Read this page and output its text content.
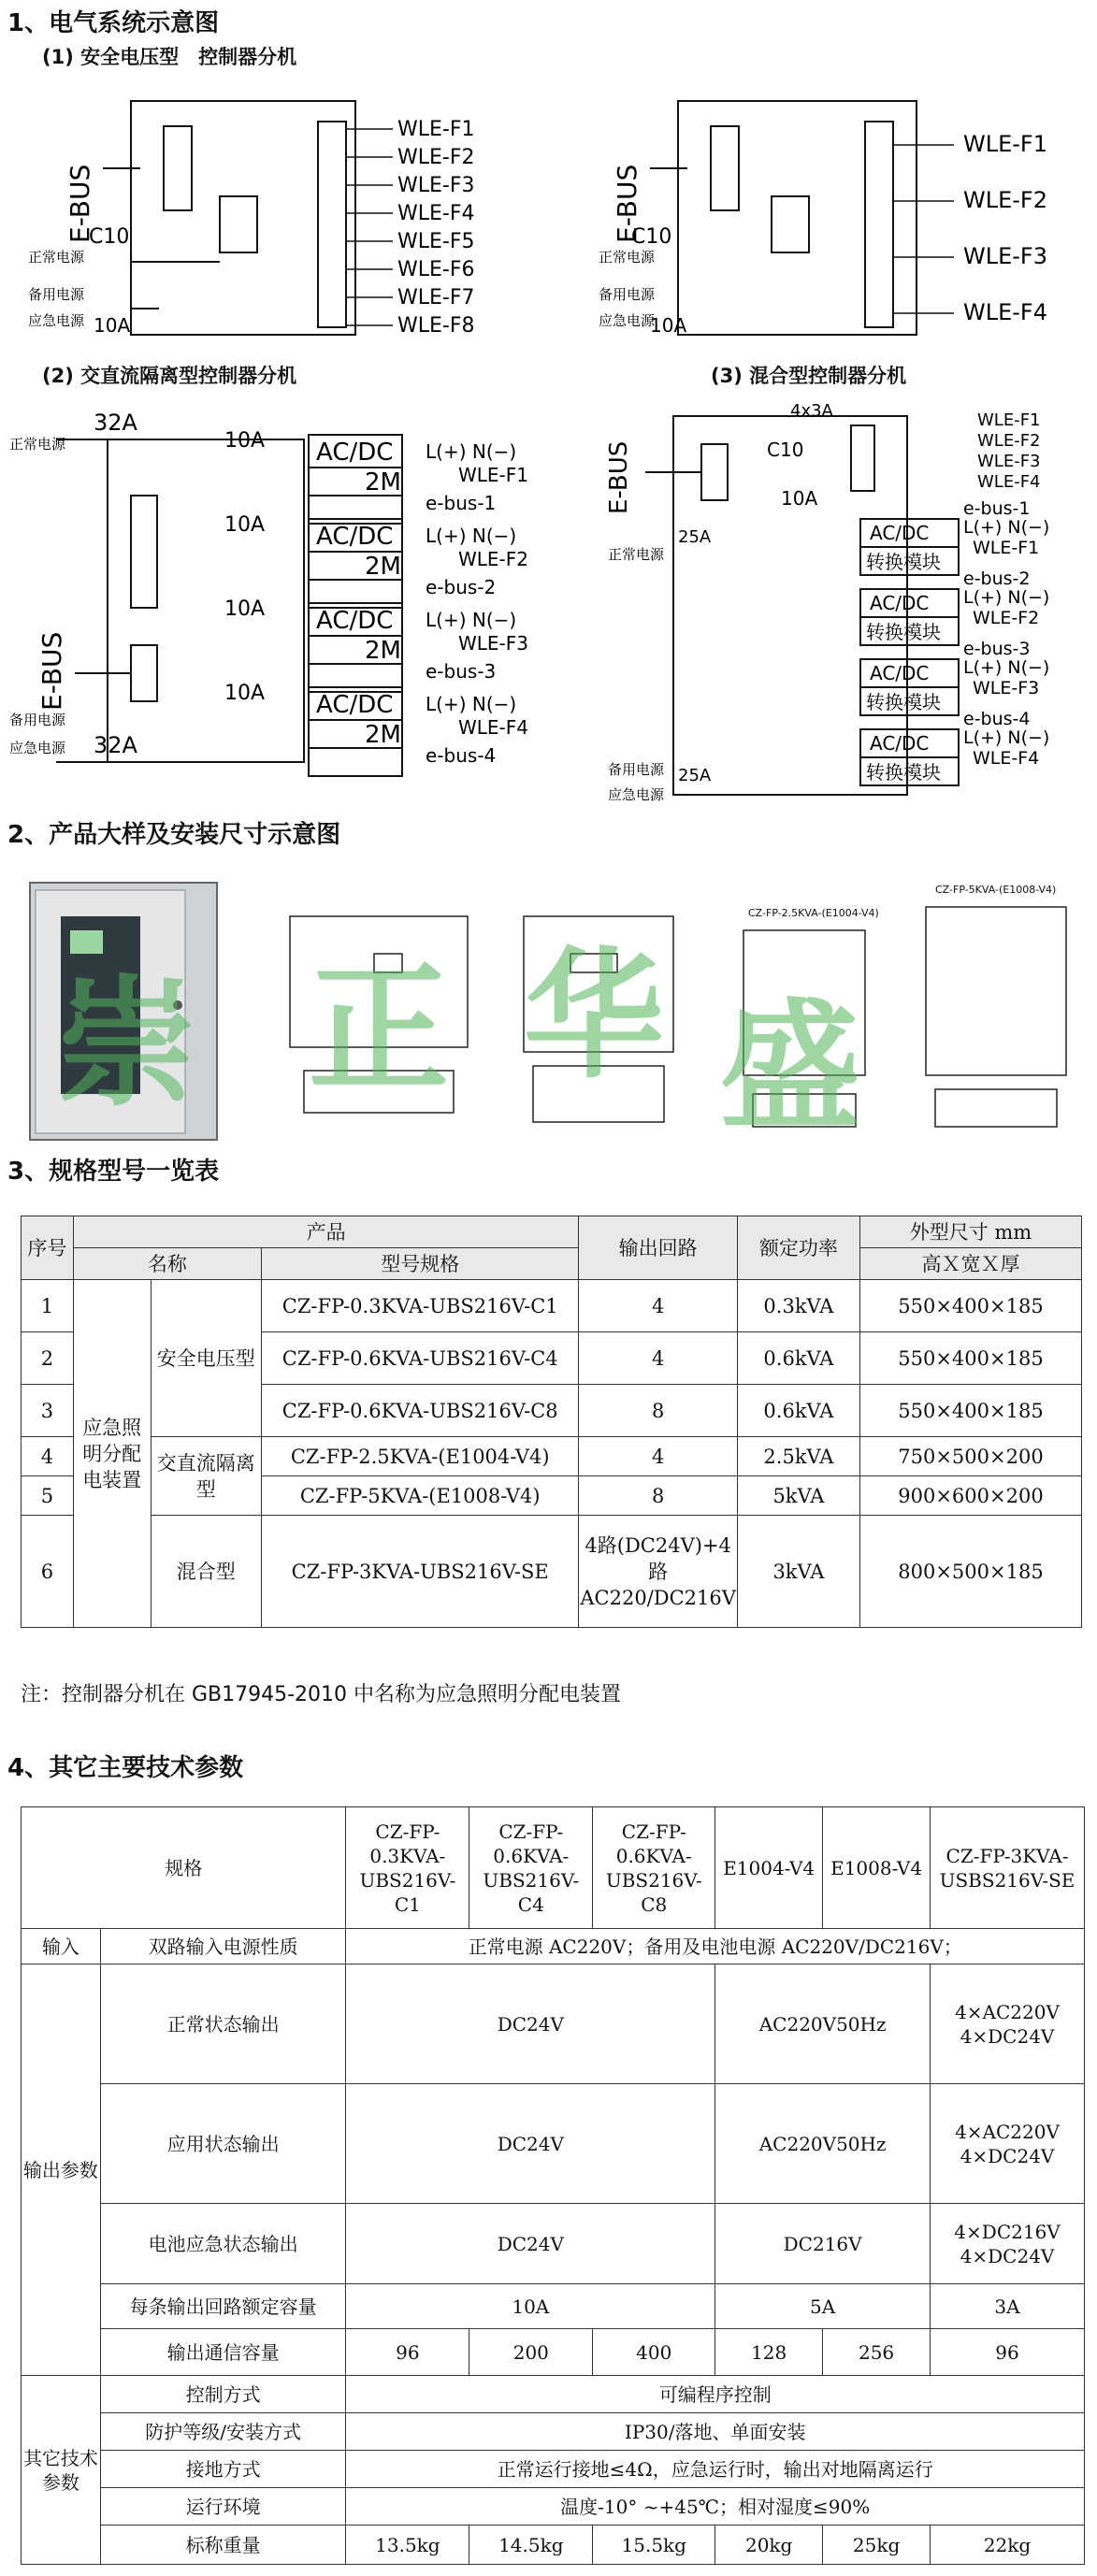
1、电气系统示意图
(1) 安全电压型　控制器分机
E-BUS
C10
正常电源
备用电源
应急电源 10A
WLE-F1
WLE-F2
WLE-F3
WLE-F4
WLE-F5
WLE-F6
WLE-F7
WLE-F8
E-BUS
C10
正常电源
备用电源
应急电源
10A
WLE-F1
WLE-F2
WLE-F3
WLE-F4
(2) 交直流隔离型控制器分机	(3) 混合型控制器分机
32A
32A
正常电源
备用电源
应急电源
E-BUS
10A
10A
10A
10A
AC/DC
AC/DC
AC/DC
AC/DC
2M
2M
2M
2M
L(+) N(−)
WLE-F1
L(+) N(−)
WLE-F2
L(+) N(−)
WLE-F3
L(+) N(−)
WLE-F4
e-bus-1
e-bus-2
e-bus-3
e-bus-4
4x3A
C10
10A
E-BUS
25A
25A
正常电源
备用电源
应急电源
WLE-F1
WLE-F2
WLE-F3
WLE-F4
AC/DC
AC/DC
AC/DC
AC/DC
转换模块
转换模块
转换模块
转换模块
L(+) N(−)
WLE-F1
L(+) N(−)
WLE-F2
L(+) N(−)
WLE-F3
L(+) N(−)
WLE-F4
e-bus-1
e-bus-2
e-bus-3
e-bus-4
2、产品大样及安装尺寸示意图
CZ-FP-2.5KVA-(E1004-V4)
CZ-FP-5KVA-(E1008-V4)
崇 正 华 盛
3、规格型号一览表
序号	产品			输出回路	额定功率	外型尺寸 mm
	名称		型号规格			高Ｘ宽Ｘ厚
1	应急照明分配电装置	安全电压型	CZ-FP-0.3KVA-UBS216V-C1	4	0.3kVA	550×400×185
2			CZ-FP-0.6KVA-UBS216V-C4	4	0.6kVA	550×400×185
3			CZ-FP-0.6KVA-UBS216V-C8	8	0.6kVA	550×400×185
4		交直流隔离型	CZ-FP-2.5KVA-(E1004-V4)	4	2.5kVA	750×500×200
5			CZ-FP-5KVA-(E1008-V4)	8	5kVA	900×600×200
6		混合型	CZ-FP-3KVA-UBS216V-SE	4路(DC24V)+4路AC220/DC216V	3kVA	800×500×185
注：控制器分机在 GB17945-2010 中名称为应急照明分配电装置
4、其它主要技术参数
规格		CZ-FP-0.3KVA-UBS216V-C1	CZ-FP-0.6KVA-UBS216V-C4	CZ-FP-0.6KVA-UBS216V-C8	E1004-V4	E1008-V4	CZ-FP-3KVA-USBS216V-SE
输入	双路输入电源性质	正常电源 AC220V；备用及电池电源 AC220V/DC216V；					
输出参数	正常状态输出	DC24V			AC220V50Hz		4×AC220V 4×DC24V
	应用状态输出	DC24V			AC220V50Hz		4×AC220V 4×DC24V
	电池应急状态输出	DC24V			DC216V		4×DC216V 4×DC24V
	每条输出回路额定容量	10A			5A		3A
	输出通信容量	96	200	400	128	256	96
其它技术参数	控制方式	可编程序控制					
	防护等级/安装方式	IP30/落地、单面安装					
	接地方式	正常运行接地≤4Ω，应急运行时，输出对地隔离运行					
	运行环境	温度-10° ~+45℃；相对湿度≤90%					
	标称重量	13.5kg	14.5kg	15.5kg	20kg	25kg	22kg
